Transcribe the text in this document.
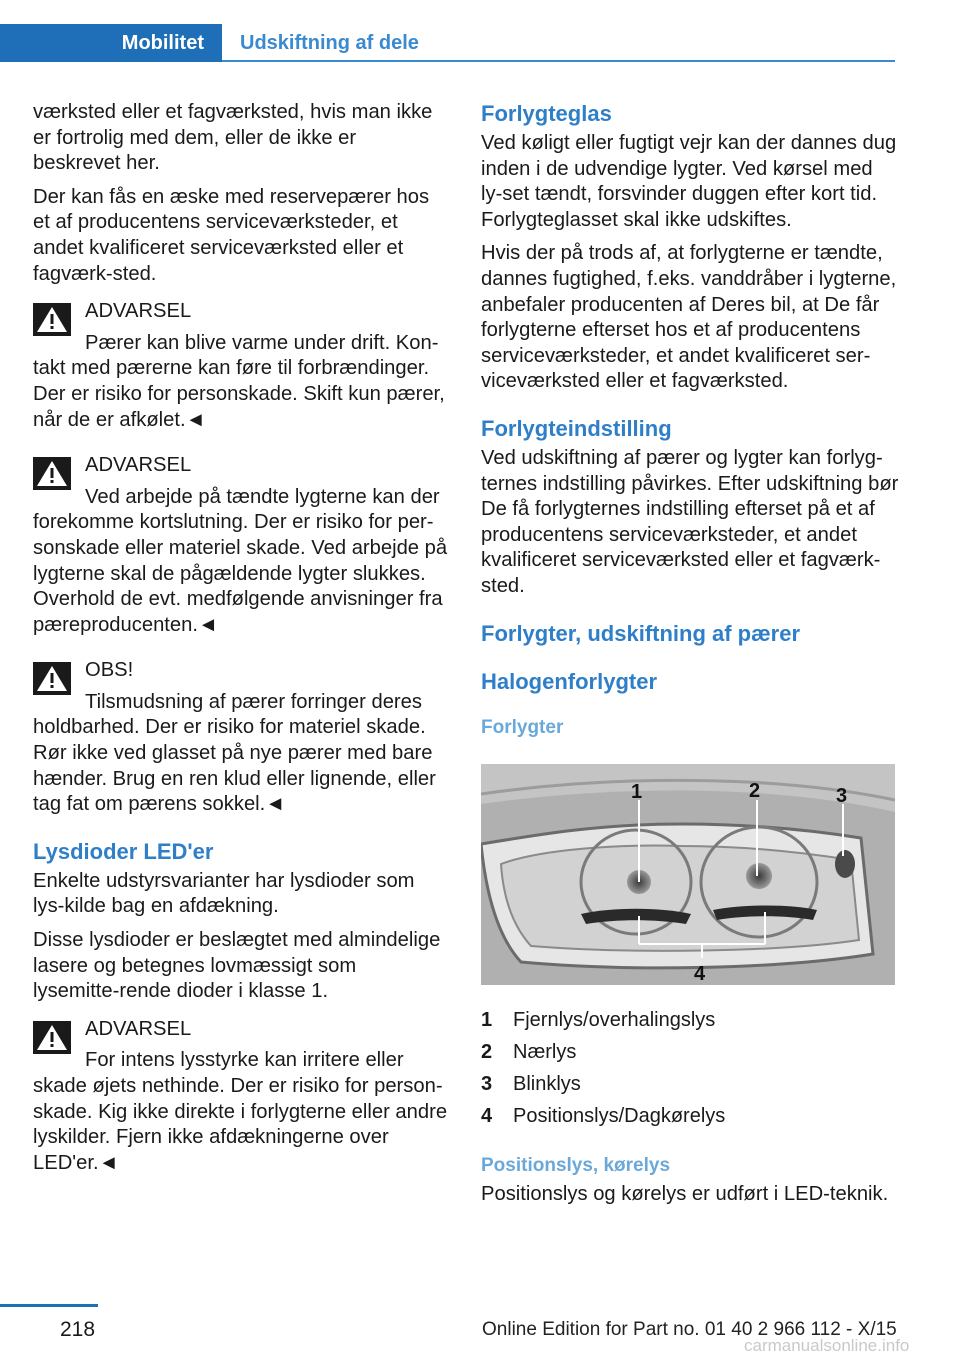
Mobilitet	Udskiftning af dele

værksted eller et fagværksted, hvis man ikke er fortrolig med dem, eller de ikke er beskrevet her.

Der kan fås en æske med reservepærer hos et af producentens serviceværksteder, et andet kvalificeret serviceværksted eller et fagværk-sted.

ADVARSEL
Pærer kan blive varme under drift. Kon-takt med pærerne kan føre til forbrændinger. Der er risiko for personskade. Skift kun pærer, når de er afkølet.◄
ADVARSEL
Ved arbejde på tændte lygterne kan der forekomme kortslutning. Der er risiko for per-sonskade eller materiel skade. Ved arbejde på lygterne skal de pågældende lygter slukkes. Overhold de evt. medfølgende anvisninger fra pæreproducenten.◄
OBS!
Tilsmudsning af pærer forringer deres holdbarhed. Der er risiko for materiel skade. Rør ikke ved glasset på nye pærer med bare hænder. Brug en ren klud eller lignende, eller tag fat om pærens sokkel.◄
Lysdioder LED'er

Enkelte udstyrsvarianter har lysdioder som lys-kilde bag en afdækning.

Disse lysdioder er beslægtet med almindelige lasere og betegnes lovmæssigt som lysemitte-rende dioder i klasse 1.

ADVARSEL
For intens lysstyrke kan irritere eller skade øjets nethinde. Der er risiko for person-skade. Kig ikke direkte i forlygterne eller andre lyskilder. Fjern ikke afdækningerne over LED'er.◄
Forlygteglas

Ved køligt eller fugtigt vejr kan der dannes dug inden i de udvendige lygter. Ved kørsel med ly-set tændt, forsvinder duggen efter kort tid. Forlygteglasset skal ikke udskiftes.

Hvis der på trods af, at forlygterne er tændte, dannes fugtighed, f.eks. vanddråber i lygterne, anbefaler producenten af Deres bil, at De får forlygterne efterset hos et af producentens serviceværksteder, et andet kvalificeret ser-viceværksted eller et fagværksted.

Forlygteindstilling

Ved udskiftning af pærer og lygter kan forlyg-ternes indstilling påvirkes. Efter udskiftning bør De få forlygternes indstilling efterset på et af producentens serviceværksteder, et andet kvalificeret serviceværksted eller et fagværk-sted.

Forlygter, udskiftning af pærer
Halogenforlygter
Forlygter
1	2	3
4
1	Fjernlys/overhalingslys
2	Nærlys
3	Blinklys
4	Positionslys/Dagkørelys
Positionslys, kørelys

Positionslys og kørelys er udført i LED-teknik.

218	Online Edition for Part no. 01 40 2 966 112 - X/15
carmanualsonline.info
